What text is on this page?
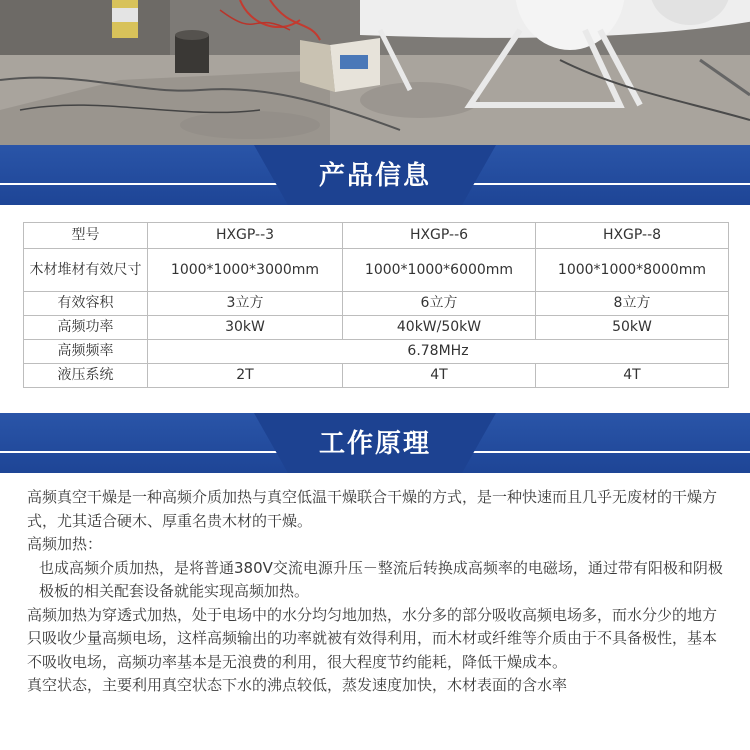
产品信息
型号	HXGP--3	HXGP--6	HXGP--8
木材堆材有效尺寸	1000*1000*3000mm	1000*1000*6000mm	1000*1000*8000mm
有效容积	3立方	6立方	8立方
高频功率	30kW	40kW/50kW	50kW
高频频率	6.78MHz		
液压系统	2T	4T	4T
工作原理

高频真空干燥是一种高频介质加热与真空低温干燥联合干燥的方式，是一种快速而且几乎无废材的干燥方式，尤其适合硬木、厚重名贵木材的干燥。

高频加热：

也成高频介质加热，是将普通380V交流电源升压－整流后转换成高频率的电磁场，通过带有阳极和阴极极板的相关配套设备就能实现高频加热。

高频加热为穿透式加热，处于电场中的水分均匀地加热，水分多的部分吸收高频电场多，而水分少的地方只吸收少量高频电场，这样高频输出的功率就被有效得利用，而木材或纤维等介质由于不具备极性，基本不吸收电场，高频功率基本是无浪费的利用，很大程度节约能耗，降低干燥成本。

真空状态，主要利用真空状态下水的沸点较低，蒸发速度加快，木材表面的含水率
